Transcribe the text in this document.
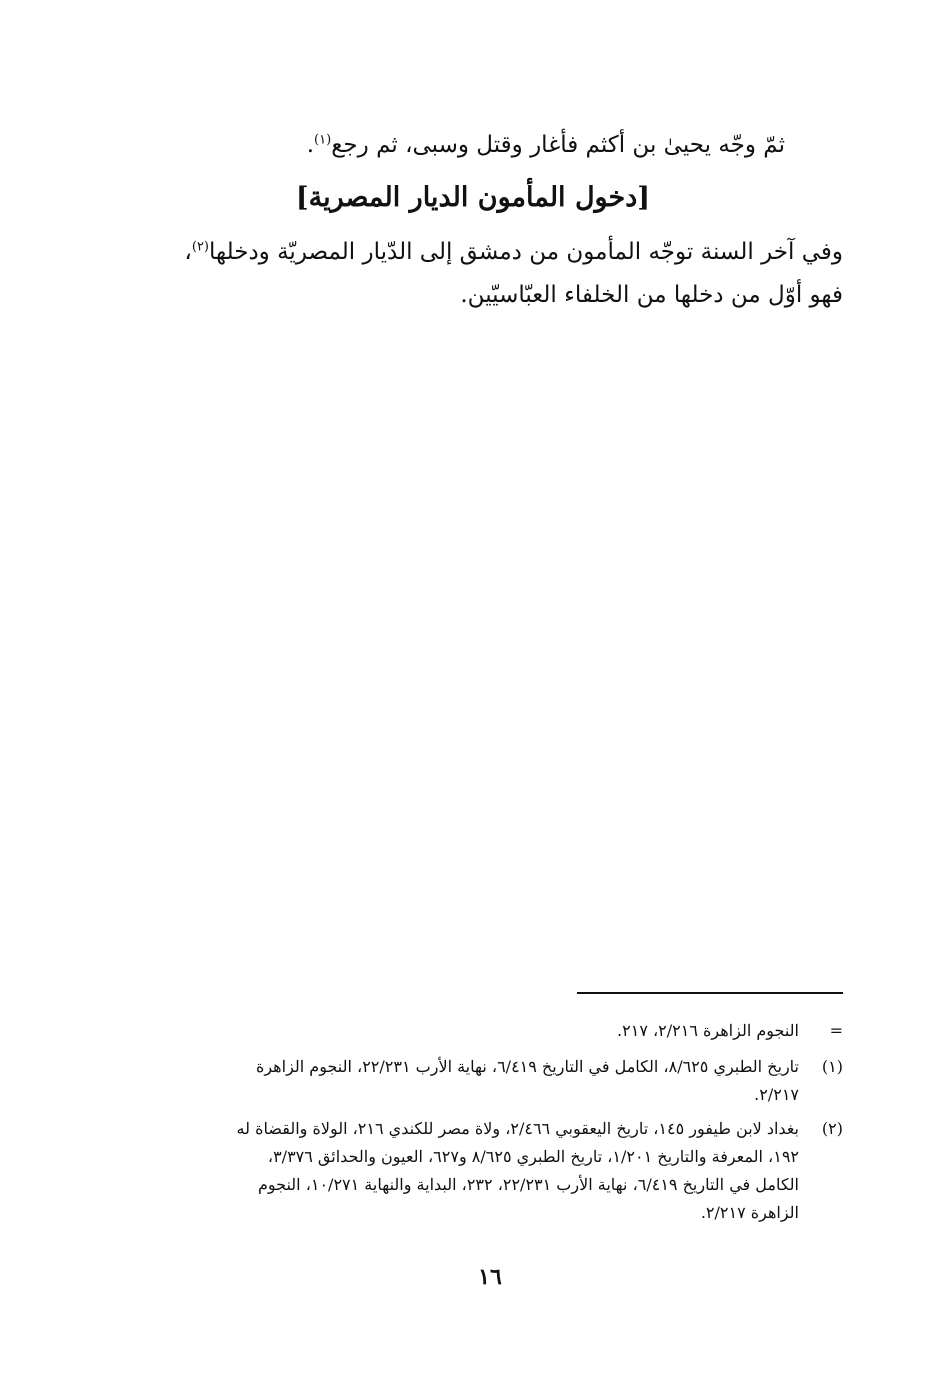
ثمّ وجّه يحيىٰ بن أكثم فأغار وقتل وسبى، ثم رجع$^{(١)}$.
[دخول المأمون الديار المصرية]
وفي آخر السنة توجّه المأمون من دمشق إلى الدّيار المصريّة ودخلها$^{(٢)}$،
فهو أوّل من دخلها من الخلفاء العبّاسيّين.
=
النجوم الزاهرة ٢/٢١٦، ٢١٧.
(١)
تاريخ الطبري ٨/٦٢٥، الكامل في التاريخ ٦/٤١٩، نهاية الأرب ٢٢/٢٣١، النجوم الزاهرة
٢/٢١٧.
(٢)
بغداد لابن طيفور ١٤٥، تاريخ اليعقوبي ٢/٤٦٦، ولاة مصر للكندي ٢١٦، الولاة والقضاة له
١٩٢، المعرفة والتاريخ ١/٢٠١، تاريخ الطبري ٨/٦٢٥ و٦٢٧، العيون والحدائق ٣/٣٧٦،
الكامل في التاريخ ٦/٤١٩، نهاية الأرب ٢٢/٢٣١، ٢٣٢، البداية والنهاية ١٠/٢٧١، النجوم
الزاهرة ٢/٢١٧.
١٦
